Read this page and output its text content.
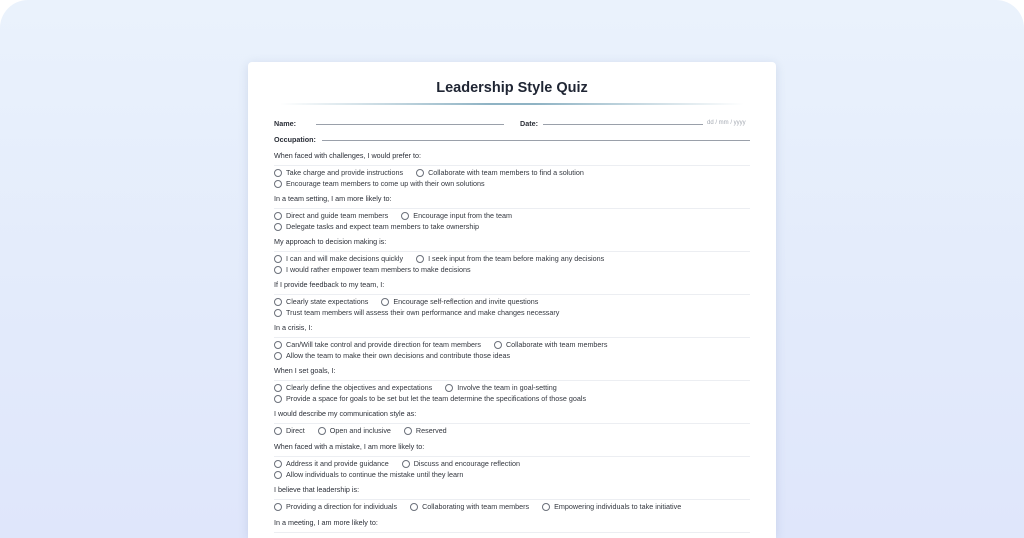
Leadership Style Quiz
Name:	Date:	dd / mm / yyyy
Occupation:
When faced with challenges, I would prefer to:
Take charge and provide instructions	Collaborate with team members to find a solution
Encourage team members to come up with their own solutions
In a team setting, I am more likely to:
Direct and guide team members	Encourage input from the team
Delegate tasks and expect team members to take ownership
My approach to decision making is:
I can and will make decisions quickly	I seek input from the team before making any decisions
I would rather empower team members to make decisions
If I provide feedback to my team, I:
Clearly state expectations	Encourage self-reflection and invite questions
Trust team members will assess their own performance and make changes necessary
In a crisis, I:
Can/Will take control and provide direction for team members	Collaborate with team members
Allow the team to make their own decisions and contribute those ideas
When I set goals, I:
Clearly define the objectives and expectations	Involve the team in goal-setting
Provide a space for goals to be set but let the team determine the specifications of those goals
I would describe my communication style as:
Direct	Open and inclusive	Reserved
When faced with a mistake, I am more likely to:
Address it and provide guidance	Discuss and encourage reflection
Allow individuals to continue the mistake until they learn
I believe that leadership is:
Providing a direction for individuals	Collaborating with team members	Empowering individuals to take initiative
In a meeting, I am more likely to:
